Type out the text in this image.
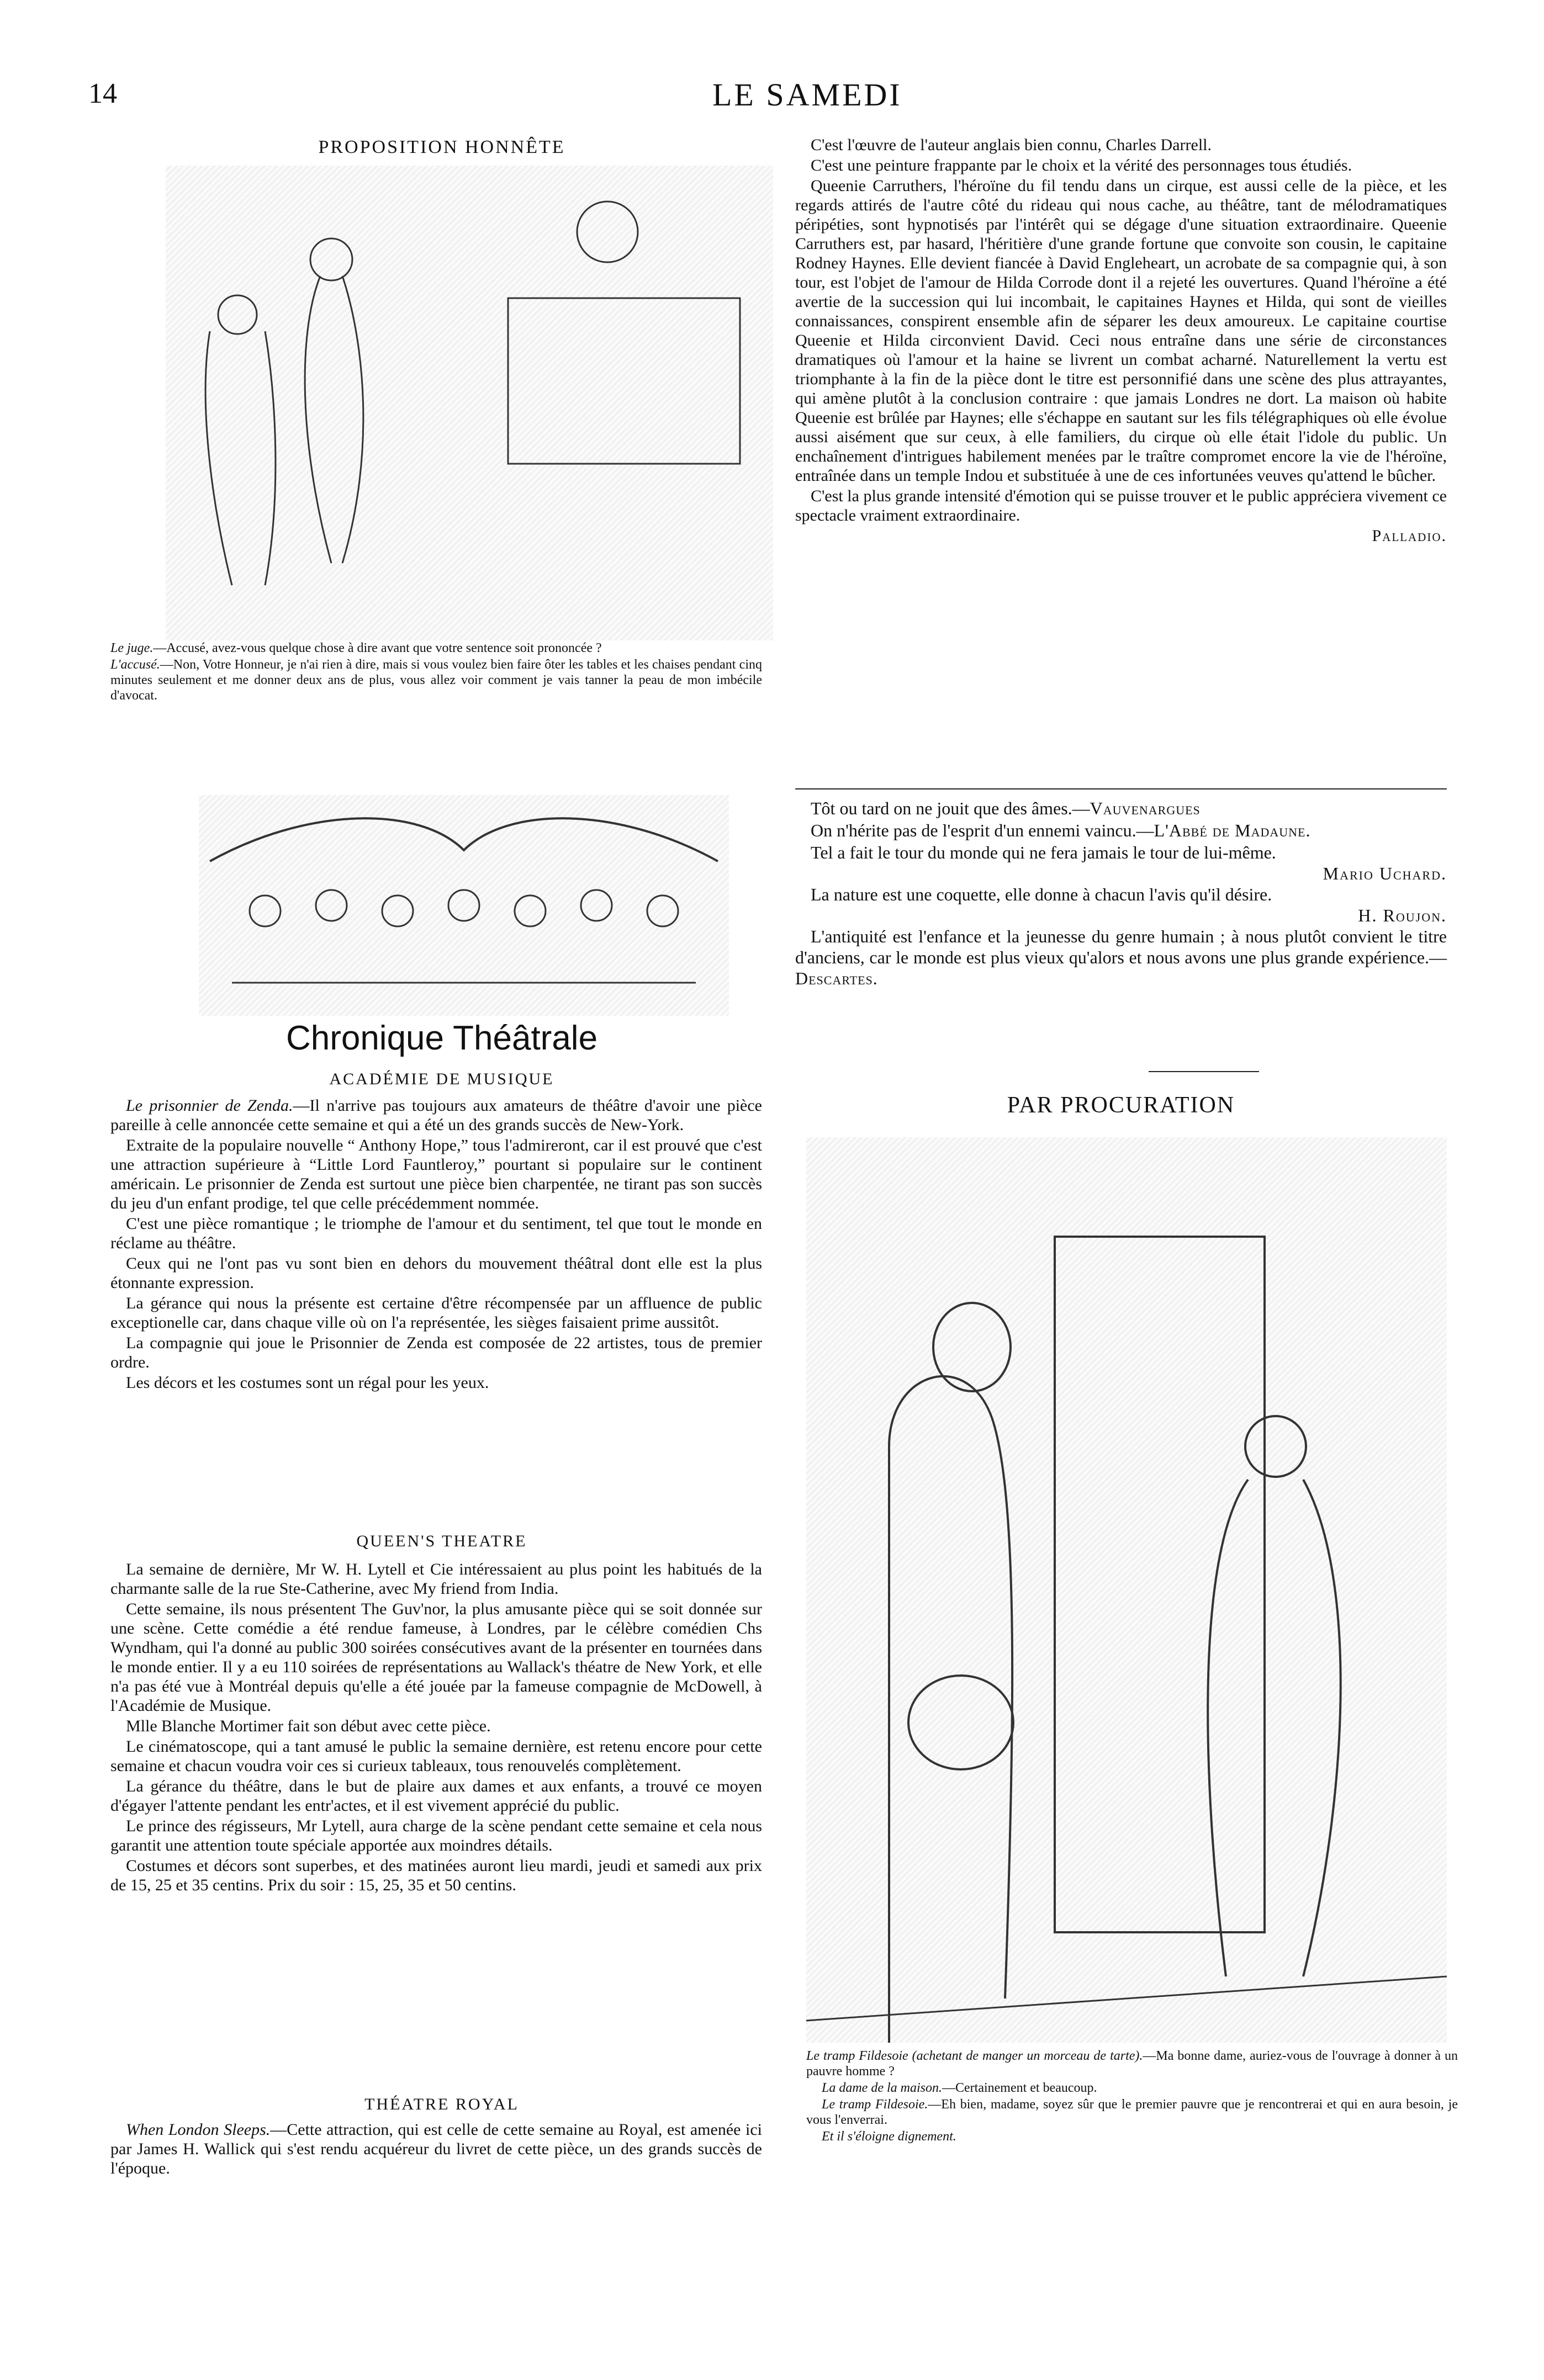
14	LE SAMEDI
PROPOSITION HONNÊTE

Le juge.—Accusé, avez-vous quelque chose à dire avant que votre sentence soit prononcée ?

L'accusé.—Non, Votre Honneur, je n'ai rien à dire, mais si vous voulez bien faire ôter les tables et les chaises pendant cinq minutes seulement et me donner deux ans de plus, vous allez voir comment je vais tanner la peau de mon imbécile d'avocat.

Chronique Théâtrale
ACADÉMIE DE MUSIQUE

Le prisonnier de Zenda.—Il n'arrive pas toujours aux amateurs de théâtre d'avoir une pièce pareille à celle annoncée cette semaine et qui a été un des grands succès de New-York.

Extraite de la populaire nouvelle “ Anthony Hope,” tous l'admireront, car il est prouvé que c'est une attraction supérieure à “Little Lord Fauntleroy,” pourtant si populaire sur le continent américain. Le prisonnier de Zenda est surtout une pièce bien charpentée, ne tirant pas son succès du jeu d'un enfant prodige, tel que celle précédemment nommée.

C'est une pièce romantique ; le triomphe de l'amour et du sentiment, tel que tout le monde en réclame au théâtre.

Ceux qui ne l'ont pas vu sont bien en dehors du mouvement théâtral dont elle est la plus étonnante expression.

La gérance qui nous la présente est certaine d'être récompensée par un affluence de public exceptionelle car, dans chaque ville où on l'a représentée, les sièges faisaient prime aussitôt.

La compagnie qui joue le Prisonnier de Zenda est composée de 22 artistes, tous de premier ordre.

Les décors et les costumes sont un régal pour les yeux.

QUEEN'S THEATRE

La semaine de dernière, Mr W. H. Lytell et Cie intéressaient au plus point les habitués de la charmante salle de la rue Ste-Catherine, avec My friend from India.

Cette semaine, ils nous présentent The Guv'nor, la plus amusante pièce qui se soit donnée sur une scène. Cette comédie a été rendue fameuse, à Londres, par le célèbre comédien Chs Wyndham, qui l'a donné au public 300 soirées consécutives avant de la présenter en tournées dans le monde entier. Il y a eu 110 soirées de représentations au Wallack's théatre de New York, et elle n'a pas été vue à Montréal depuis qu'elle a été jouée par la fameuse compagnie de McDowell, à l'Académie de Musique.

Mlle Blanche Mortimer fait son début avec cette pièce.

Le cinématoscope, qui a tant amusé le public la semaine dernière, est retenu encore pour cette semaine et chacun voudra voir ces si curieux tableaux, tous renouvelés complètement.

La gérance du théâtre, dans le but de plaire aux dames et aux enfants, a trouvé ce moyen d'égayer l'attente pendant les entr'actes, et il est vivement apprécié du public.

Le prince des régisseurs, Mr Lytell, aura charge de la scène pendant cette semaine et cela nous garantit une attention toute spéciale apportée aux moindres détails.

Costumes et décors sont superbes, et des matinées auront lieu mardi, jeudi et samedi aux prix de 15, 25 et 35 centins. Prix du soir : 15, 25, 35 et 50 centins.

THÉATRE ROYAL

When London Sleeps.—Cette attraction, qui est celle de cette semaine au Royal, est amenée ici par James H. Wallick qui s'est rendu acquéreur du livret de cette pièce, un des grands succès de l'époque.

C'est l'œuvre de l'auteur anglais bien connu, Charles Darrell.

C'est une peinture frappante par le choix et la vérité des personnages tous étudiés.

Queenie Carruthers, l'héroïne du fil tendu dans un cirque, est aussi celle de la pièce, et les regards attirés de l'autre côté du rideau qui nous cache, au théâtre, tant de mélodramatiques péripéties, sont hypnotisés par l'intérêt qui se dégage d'une situation extraordinaire. Queenie Carruthers est, par hasard, l'héritière d'une grande fortune que convoite son cousin, le capitaine Rodney Haynes. Elle devient fiancée à David Engleheart, un acrobate de sa compagnie qui, à son tour, est l'objet de l'amour de Hilda Corrode dont il a rejeté les ouvertures. Quand l'héroïne a été avertie de la succession qui lui incombait, le capitaines Haynes et Hilda, qui sont de vieilles connaissances, conspirent ensemble afin de séparer les deux amoureux. Le capitaine courtise Queenie et Hilda circonvient David. Ceci nous entraîne dans une série de circonstances dramatiques où l'amour et la haine se livrent un combat acharné. Naturellement la vertu est triomphante à la fin de la pièce dont le titre est personnifié dans une scène des plus attrayantes, qui amène plutôt à la conclusion contraire : que jamais Londres ne dort. La maison où habite Queenie est brûlée par Haynes; elle s'échappe en sautant sur les fils télégraphiques où elle évolue aussi aisément que sur ceux, à elle familiers, du cirque où elle était l'idole du public. Un enchaînement d'intrigues habilement menées par le traître compromet encore la vie de l'héroïne, entraînée dans un temple Indou et substituée à une de ces infortunées veuves qu'attend le bûcher.

C'est la plus grande intensité d'émotion qui se puisse trouver et le public appréciera vivement ce spectacle vraiment extraordinaire.

Palladio.

Tôt ou tard on ne jouit que des âmes.—Vauvenargues

On n'hérite pas de l'esprit d'un ennemi vaincu.—L'Abbé de Madaune.

Tel a fait le tour du monde qui ne fera jamais le tour de lui-même.

Mario Uchard.

La nature est une coquette, elle donne à chacun l'avis qu'il désire.

H. Roujon.

L'antiquité est l'enfance et la jeunesse du genre humain ; à nous plutôt convient le titre d'anciens, car le monde est plus vieux qu'alors et nous avons une plus grande expérience.—Descartes.

PAR PROCURATION

Le tramp Fildesoie (achetant de manger un morceau de tarte).—Ma bonne dame, auriez-vous de l'ouvrage à donner à un pauvre homme ?

La dame de la maison.—Certainement et beaucoup.

Le tramp Fildesoie.—Eh bien, madame, soyez sûr que le premier pauvre que je rencontrerai et qui en aura besoin, je vous l'enverrai.

Et il s'éloigne dignement.
